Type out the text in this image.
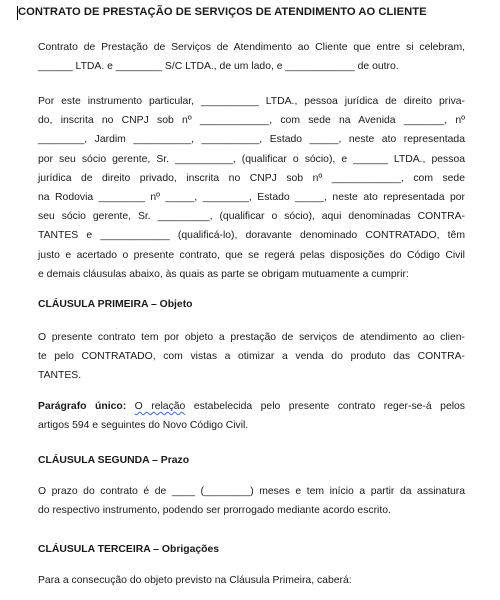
CONTRATO DE PRESTAÇÃO DE SERVIÇOS DE ATENDIMENTO AO CLIENTE
Contrato de Prestação de Serviços de Atendimento ao Cliente que entre si celebram,
______ LTDA. e ________ S/C LTDA., de um lado, e ____________ de outro.
Por este instrumento particular, __________ LTDA., pessoa jurídica de direito priva-
do, inscrita no CNPJ sob nº ____________, com sede na Avenida _______, nº
________, Jardim __________, __________, Estado _____, neste ato representada
por seu sócio gerente, Sr. __________, (qualificar o sócio), e ______ LTDA., pessoa
jurídica de direito privado, inscrita no CNPJ sob nº ____________, com sede
na Rodovia ________ nº _____, ________, Estado _____, neste ato representada por
seu sócio gerente, Sr. _________, (qualificar o sócio), aqui denominadas CONTRA-
TANTES e ____________ (qualificá-lo), doravante denominado CONTRATADO, têm
justo e acertado o presente contrato, que se regerá pelas disposições do Código Civil
e demais cláusulas abaixo, às quais as parte se obrigam mutuamente a cumprir:
CLÁUSULA PRIMEIRA – Objeto
O presente contrato tem por objeto a prestação de serviços de atendimento ao clien-
te pelo CONTRATADO, com vistas a otimizar a venda do produto das CONTRA-
TANTES.
Parágrafo único: O relação estabelecida pelo presente contrato reger-se-á pelos
artigos 594 e seguintes do Novo Código Civil.
CLÁUSULA SEGUNDA – Prazo
O prazo do contrato é de ____ (________) meses e tem início a partir da assinatura
do respectivo instrumento, podendo ser prorrogado mediante acordo escrito.
CLÁUSULA TERCEIRA – Obrigações
Para a consecução do objeto previsto na Cláusula Primeira, caberá:
